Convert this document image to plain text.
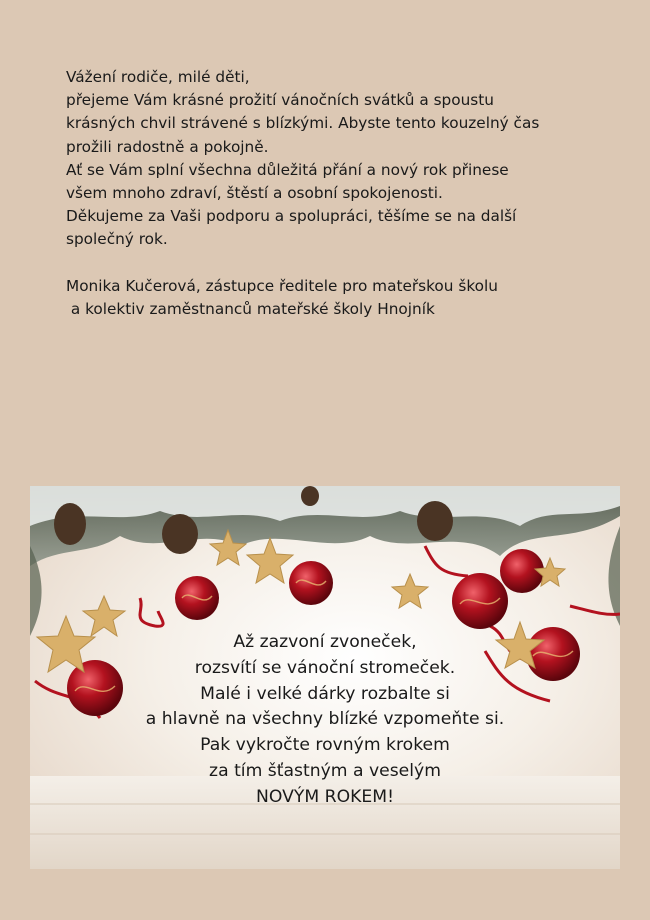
Vážení rodiče, milé děti,
přejeme Vám krásné prožití vánočních svátků a spoustu
krásných chvil strávené s blízkými. Abyste tento kouzelný čas
prožili radostně a pokojně.
Ať se Vám splní všechna důležitá přání a nový rok přinese
všem mnoho zdraví, štěstí a osobní spokojenosti.
Děkujeme za Vaši podporu a spolupráci, těšíme se na další
společný rok.
Monika Kučerová, zástupce ředitele pro mateřskou školu
a kolektiv zaměstnanců mateřské školy Hnojník
Až zazvoní zvoneček,
rozsvítí se vánoční stromeček.
Malé i velké dárky rozbalte si
a hlavně na všechny blízké vzpomeňte si.
Pak vykročte rovným krokem
za tím šťastným a veselým
NOVÝM ROKEM!
